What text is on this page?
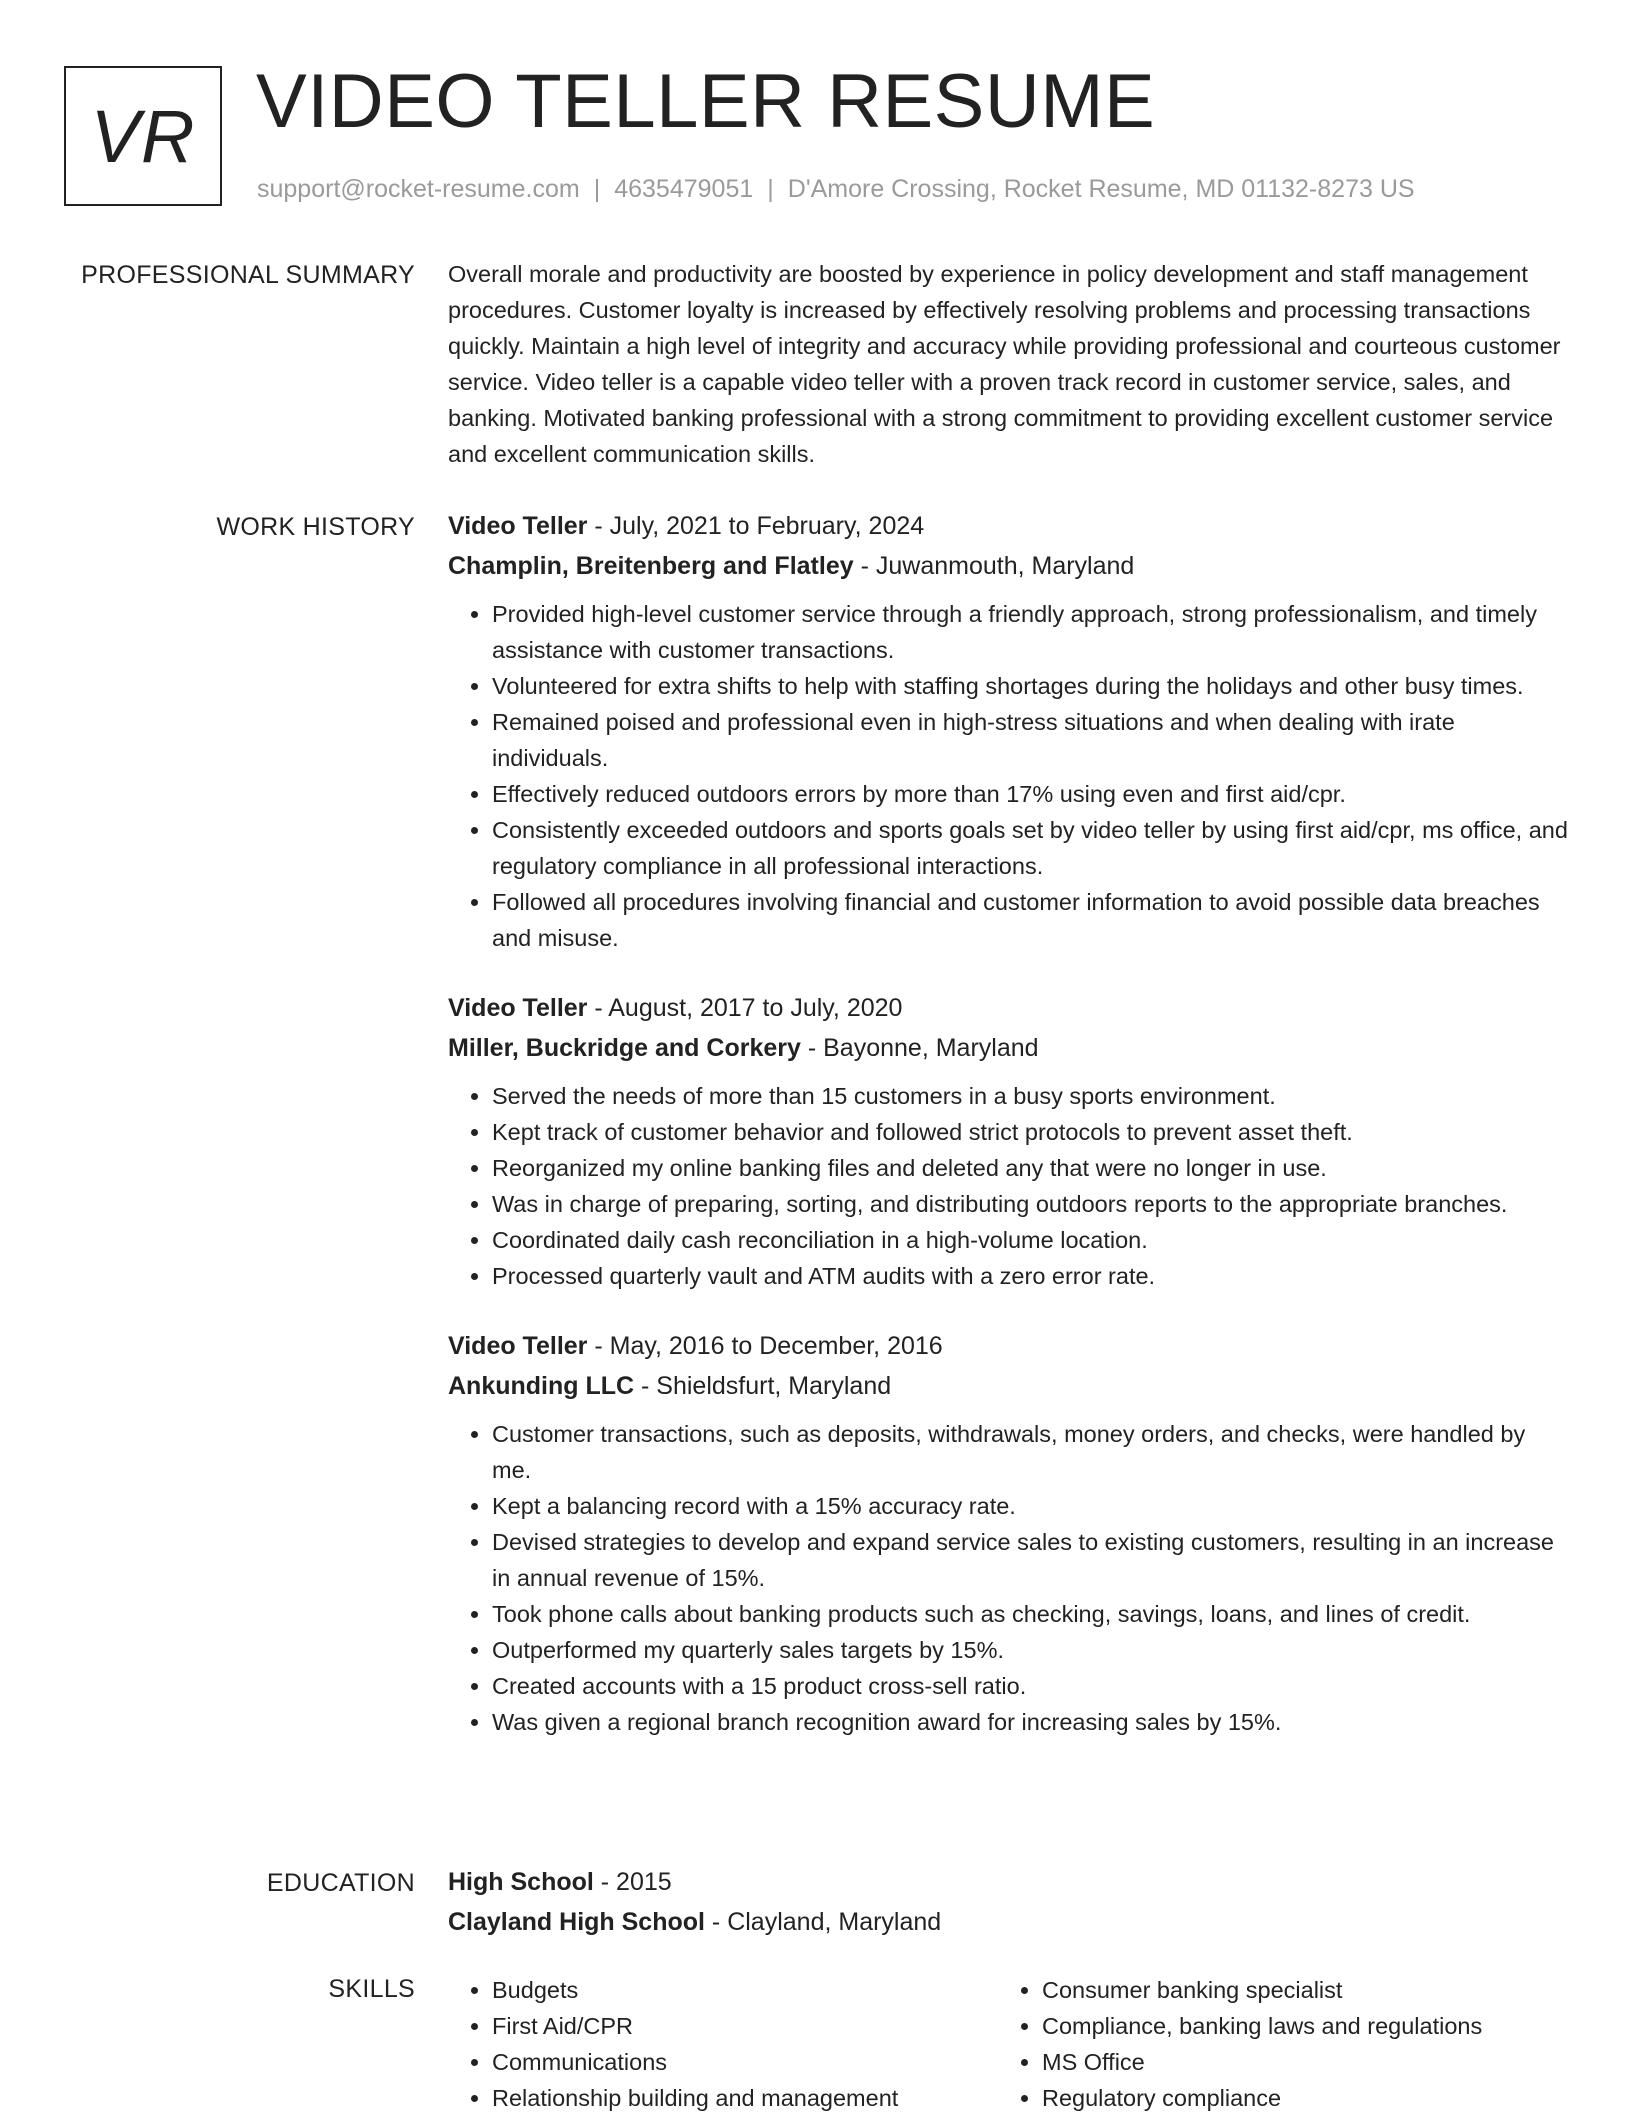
VR VIDEO TELLER RESUME
support@rocket-resume.com | 4635479051 | D'Amore Crossing, Rocket Resume, MD 01132-8273 US
PROFESSIONAL SUMMARY Overall morale and productivity are boosted by experience in policy development and staff management procedures. Customer loyalty is increased by effectively resolving problems and processing transactions quickly. Maintain a high level of integrity and accuracy while providing professional and courteous customer service. Video teller is a capable video teller with a proven track record in customer service, sales, and banking. Motivated banking professional with a strong commitment to providing excellent customer service and excellent communication skills.

WORK HISTORY Video Teller - July, 2021 to February, 2024
Champlin, Breitenberg and Flatley - Juwanmouth, Maryland
• Provided high-level customer service through a friendly approach, strong professionalism, and timely assistance with customer transactions.
• Volunteered for extra shifts to help with staffing shortages during the holidays and other busy times.
• Remained poised and professional even in high-stress situations and when dealing with irate individuals.
• Effectively reduced outdoors errors by more than 17% using even and first aid/cpr.
• Consistently exceeded outdoors and sports goals set by video teller by using first aid/cpr, ms office, and regulatory compliance in all professional interactions.
• Followed all procedures involving financial and customer information to avoid possible data breaches and misuse.
Video Teller - August, 2017 to July, 2020
Miller, Buckridge and Corkery - Bayonne, Maryland
• Served the needs of more than 15 customers in a busy sports environment.
• Kept track of customer behavior and followed strict protocols to prevent asset theft.
• Reorganized my online banking files and deleted any that were no longer in use.
• Was in charge of preparing, sorting, and distributing outdoors reports to the appropriate branches.
• Coordinated daily cash reconciliation in a high-volume location.
• Processed quarterly vault and ATM audits with a zero error rate.
Video Teller - May, 2016 to December, 2016
Ankunding LLC - Shieldsfurt, Maryland
• Customer transactions, such as deposits, withdrawals, money orders, and checks, were handled by me.
• Kept a balancing record with a 15% accuracy rate.
• Devised strategies to develop and expand service sales to existing customers, resulting in an increase in annual revenue of 15%.
• Took phone calls about banking products such as checking, savings, loans, and lines of credit.
• Outperformed my quarterly sales targets by 15%.
• Created accounts with a 15 product cross-sell ratio.
• Was given a regional branch recognition award for increasing sales by 15%.
EDUCATION High School - 2015
Clayland High School - Clayland, Maryland
SKILLS
•	Budgets
• First Aid/CPR
• Communications
• Relationship building and management
• Consumer banking specialist
• Compliance, banking laws and regulations
• MS Office
• Regulatory compliance
